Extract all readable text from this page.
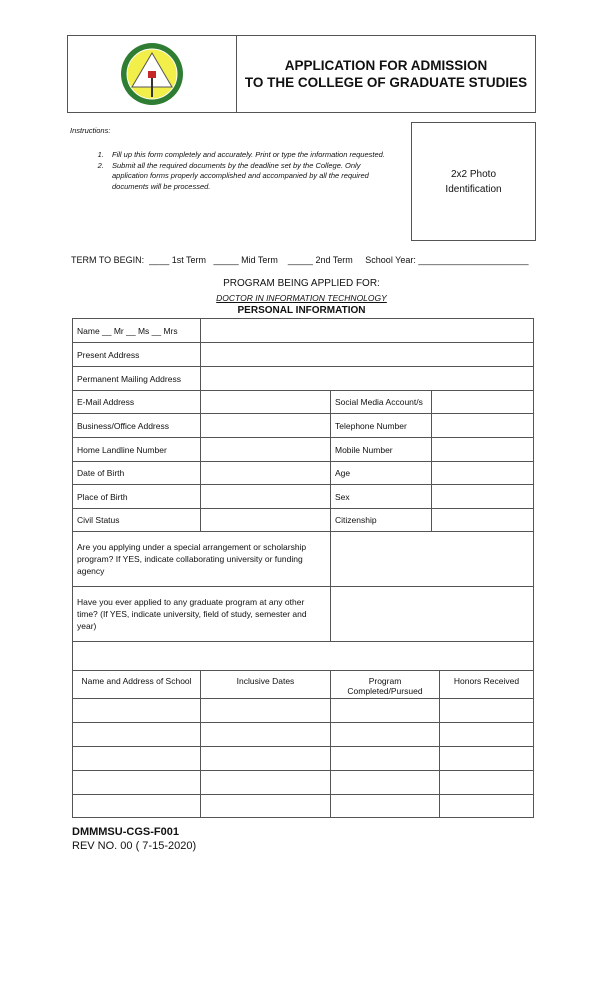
APPLICATION FOR ADMISSION
TO THE COLLEGE OF GRADUATE STUDIES
Instructions:
1. Fill up this form completely and accurately. Print or type the information requested.
2. Submit all the required documents by the deadline set by the College. Only application forms properly accomplished and accompanied by all the required documents will be processed.
2x2 Photo
Identification
TERM TO BEGIN:  ____ 1st Term   _____ Mid Term    _____ 2nd Term     School Year: ______________________
PROGRAM BEING APPLIED FOR:
DOCTOR IN INFORMATION TECHNOLOGY
PERSONAL INFORMATION
Name __ Mr __ Ms __ Mrs			
Present Address			
Permanent Mailing Address			
E-Mail Address		Social Media Account/s	
Business/Office Address		Telephone Number	
Home Landline Number		Mobile Number	
Date of Birth		Age	
Place of Birth		Sex	
Civil Status		Citizenship	
Are you applying under a special arrangement or scholarship program? If YES, indicate collaborating university or funding agency			
Have you ever applied to any graduate program at any other time? (If YES, indicate university, field of study, semester and year)			

Name and Address of School	Inclusive Dates	Program Completed/Pursued	Honors Received

DMMMSU-CGS-F001
REV NO. 00 ( 7-15-2020)
